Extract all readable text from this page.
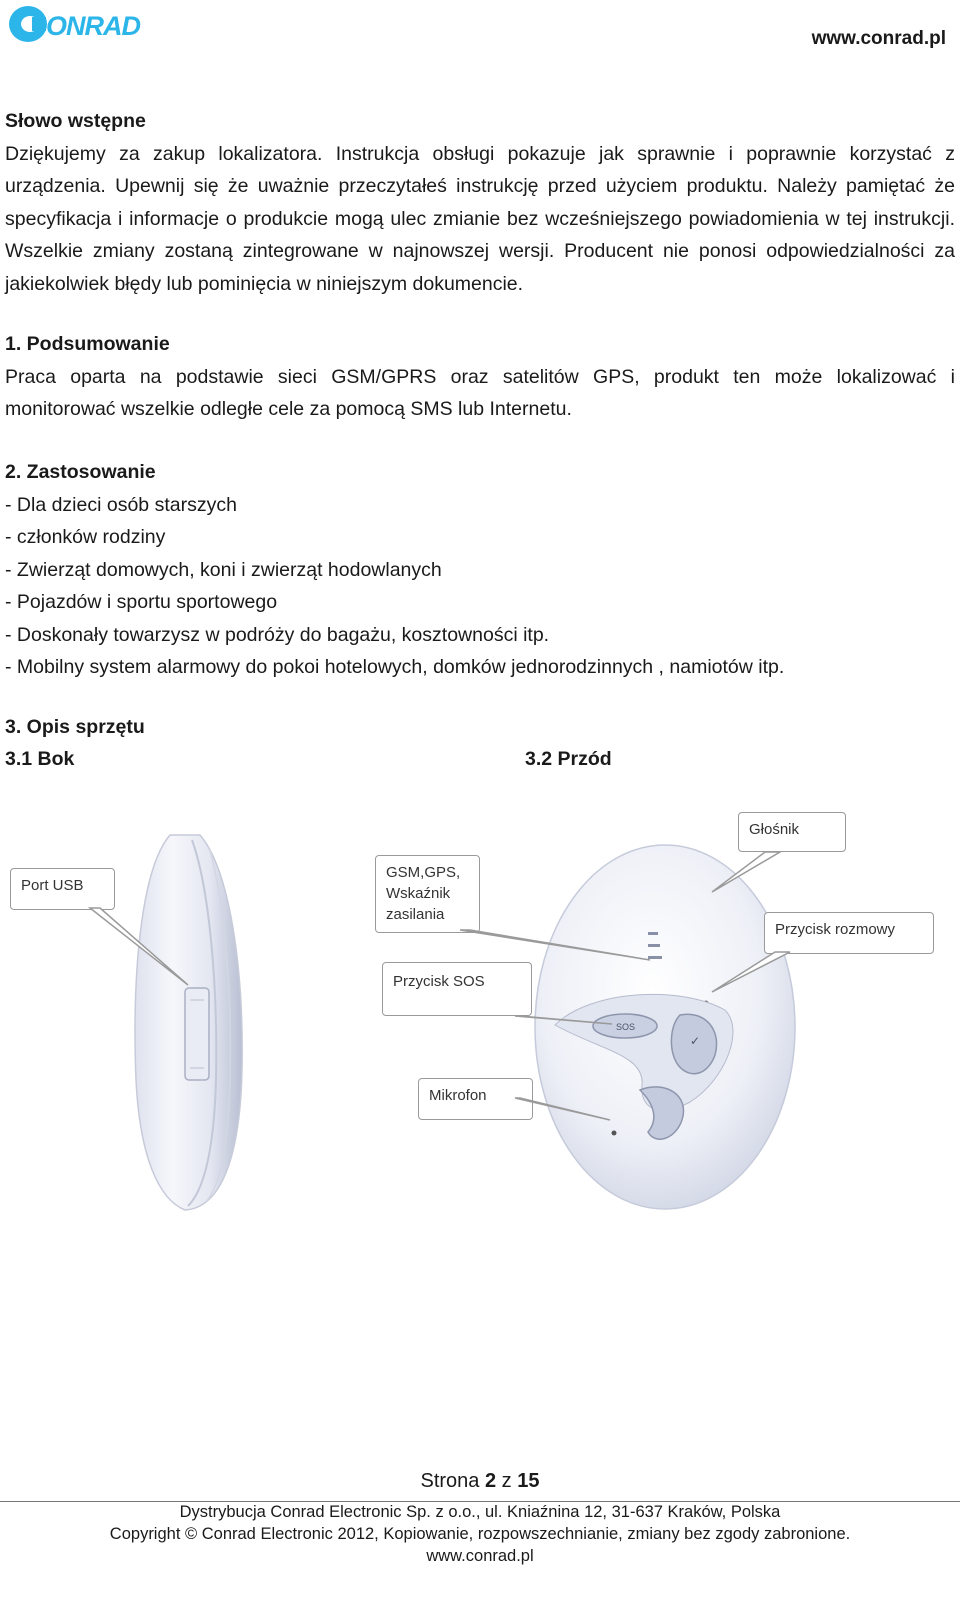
ONRAD	www.conrad.pl

Słowo wstępne

Dziękujemy za zakup lokalizatora. Instrukcja obsługi pokazuje jak sprawnie i poprawnie korzystać z urządzenia. Upewnij się że uważnie przeczytałeś instrukcję przed użyciem produktu. Należy pamiętać że specyfikacja i informacje o produkcie mogą ulec zmianie bez wcześniejszego powiadomienia w tej instrukcji. Wszelkie zmiany zostaną zintegrowane w najnowszej wersji. Producent nie ponosi odpowiedzialności za jakiekolwiek błędy lub pominięcia w niniejszym dokumencie.

1. Podsumowanie

Praca oparta na podstawie sieci GSM/GPRS oraz satelitów GPS, produkt ten może lokalizować i monitorować wszelkie odległe cele za pomocą SMS lub Internetu.

2. Zastosowanie

- Dla dzieci osób starszych

- członków rodziny

- Zwierząt domowych, koni i zwierząt hodowlanych

- Pojazdów i sportu sportowego

- Doskonały towarzysz w podróży do bagażu, kosztowności itp.

- Mobilny system alarmowy do pokoi hotelowych, domków jednorodzinnych , namiotów itp.

3. Opis sprzętu

3.1 Bok	3.2 Przód
SOS
✓
Port USB
GSM,GPS, Wskaźnik zasilania
Przycisk SOS
Mikrofon
Głośnik
Przycisk rozmowy
Strona 2 z 15
Dystrybucja Conrad Electronic Sp. z o.o., ul. Kniaźnina 12, 31-637 Kraków, Polska
Copyright © Conrad Electronic 2012, Kopiowanie, rozpowszechnianie, zmiany bez zgody zabronione.
www.conrad.pl
